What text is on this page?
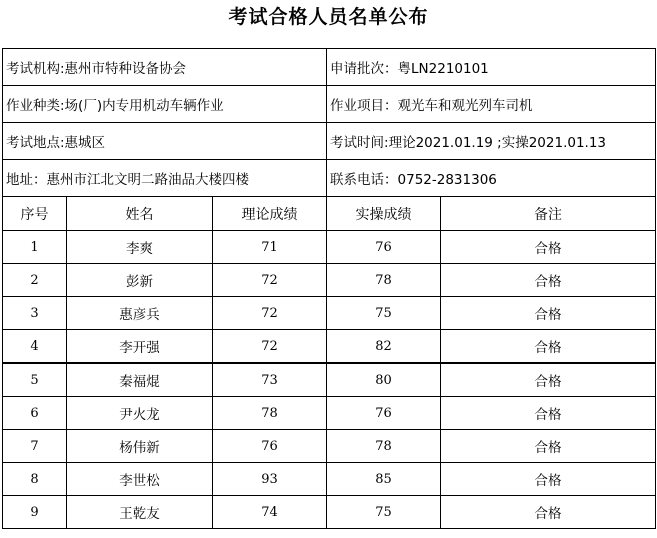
考试合格人员名单公布
考试机构:惠州市特种设备协会			申请批次：粤LN2210101	
作业种类:场(厂)内专用机动车辆作业			作业项目：观光车和观光列车司机	
考试地点:惠城区			考试时间:理论2021.01.19 ;实操2021.01.13	
地址：惠州市江北文明二路油品大楼四楼			联系电话：0752-2831306	
序号	姓名	理论成绩	实操成绩	备注
1	李爽	71	76	合格
2	彭新	72	78	合格
3	惠彦兵	72	75	合格
4	李开强	72	82	合格
5	秦福焜	73	80	合格
6	尹火龙	78	76	合格
7	杨伟新	76	78	合格
8	李世松	93	85	合格
9	王乾友	74	75	合格
